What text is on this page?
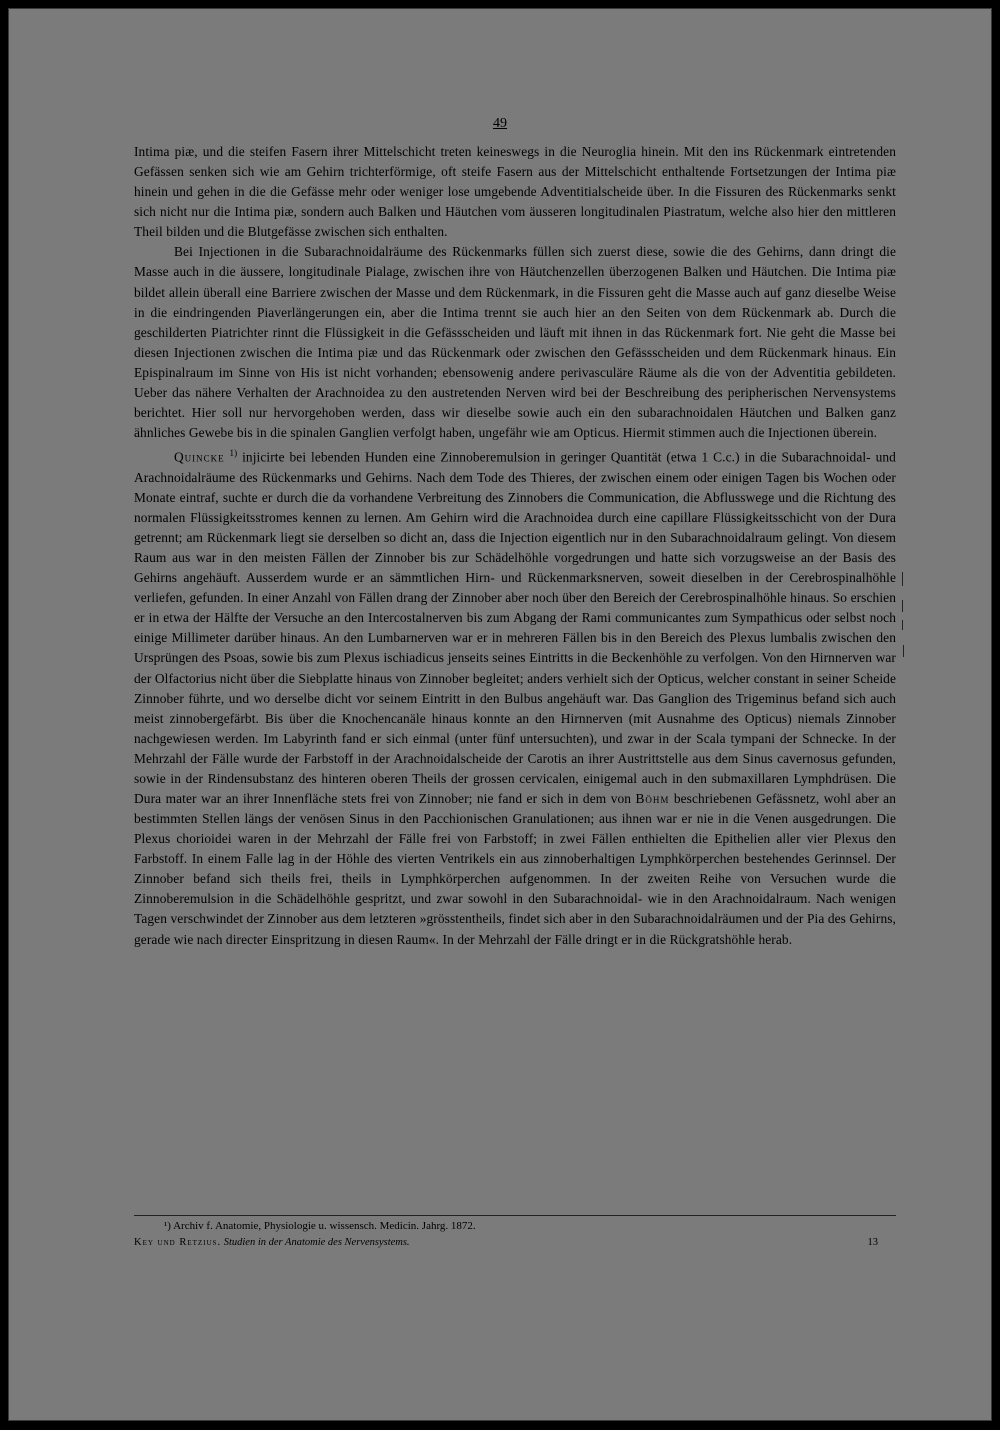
49

Intima piæ, und die steifen Fasern ihrer Mittelschicht treten keineswegs in die Neuroglia hinein. Mit den ins Rückenmark eintretenden Gefässen senken sich wie am Gehirn trichterförmige, oft steife Fasern aus der Mittelschicht enthaltende Fortsetzungen der Intima piæ hinein und gehen in die die Gefässe mehr oder weniger lose umgebende Adventitialscheide über. In die Fissuren des Rückenmarks senkt sich nicht nur die Intima piæ, sondern auch Balken und Häutchen vom äusseren longitudinalen Piastratum, welche also hier den mittleren Theil bilden und die Blutgefässe zwischen sich enthalten.

Bei Injectionen in die Subarachnoidalräume des Rückenmarks füllen sich zuerst diese, sowie die des Gehirns, dann dringt die Masse auch in die äussere, longitudinale Pialage, zwischen ihre von Häutchenzellen überzogenen Balken und Häutchen. Die Intima piæ bildet allein überall eine Barriere zwischen der Masse und dem Rückenmark, in die Fissuren geht die Masse auch auf ganz dieselbe Weise in die eindringenden Piaverlängerungen ein, aber die Intima trennt sie auch hier an den Seiten von dem Rückenmark ab. Durch die geschilderten Piatrichter rinnt die Flüssigkeit in die Gefässscheiden und läuft mit ihnen in das Rückenmark fort. Nie geht die Masse bei diesen Injectionen zwischen die Intima piæ und das Rückenmark oder zwischen den Gefässscheiden und dem Rückenmark hinaus. Ein Epispinalraum im Sinne von His ist nicht vorhanden; ebensowenig andere perivasculäre Räume als die von der Adventitia gebildeten. Ueber das nähere Verhalten der Arachnoidea zu den austretenden Nerven wird bei der Beschreibung des peripherischen Nervensystems berichtet. Hier soll nur hervorgehoben werden, dass wir dieselbe sowie auch ein den subarachnoidalen Häutchen und Balken ganz ähnliches Gewebe bis in die spinalen Ganglien verfolgt haben, ungefähr wie am Opticus. Hiermit stimmen auch die Injectionen überein.

Quincke $^{1)}$ injicirte bei lebenden Hunden eine Zinnoberemulsion in geringer Quantität (etwa 1 C.c.) in die Subarachnoidal- und Arachnoidalräume des Rückenmarks und Gehirns. Nach dem Tode des Thieres, der zwischen einem oder einigen Tagen bis Wochen oder Monate eintraf, suchte er durch die da vorhandene Verbreitung des Zinnobers die Communication, die Abflusswege und die Richtung des normalen Flüssigkeitsstromes kennen zu lernen. Am Gehirn wird die Arachnoidea durch eine capillare Flüssigkeitsschicht von der Dura getrennt; am Rückenmark liegt sie derselben so dicht an, dass die Injection eigentlich nur in den Subarachnoidalraum gelingt. Von diesem Raum aus war in den meisten Fällen der Zinnober bis zur Schädelhöhle vorgedrungen und hatte sich vorzugsweise an der Basis des Gehirns angehäuft. Ausserdem wurde er an sämmtlichen Hirn- und Rückenmarksnerven, soweit dieselben in der Cerebrospinalhöhle verliefen, gefunden. In einer Anzahl von Fällen drang der Zinnober aber noch über den Bereich der Cerebrospinalhöhle hinaus. So erschien er in etwa der Hälfte der Versuche an den Intercostalnerven bis zum Abgang der Rami communicantes zum Sympathicus oder selbst noch einige Millimeter darüber hinaus. An den Lumbarnerven war er in mehreren Fällen bis in den Bereich des Plexus lumbalis zwischen den Ursprüngen des Psoas, sowie bis zum Plexus ischiadicus jenseits seines Eintritts in die Beckenhöhle zu verfolgen. Von den Hirnnerven war der Olfactorius nicht über die Siebplatte hinaus von Zinnober begleitet; anders verhielt sich der Opticus, welcher constant in seiner Scheide Zinnober führte, und wo derselbe dicht vor seinem Eintritt in den Bulbus angehäuft war. Das Ganglion des Trigeminus befand sich auch meist zinnobergefärbt. Bis über die Knochencanäle hinaus konnte an den Hirnnerven (mit Ausnahme des Opticus) niemals Zinnober nachgewiesen werden. Im Labyrinth fand er sich einmal (unter fünf untersuchten), und zwar in der Scala tympani der Schnecke. In der Mehrzahl der Fälle wurde der Farbstoff in der Arachnoidalscheide der Carotis an ihrer Austrittstelle aus dem Sinus cavernosus gefunden, sowie in der Rindensubstanz des hinteren oberen Theils der grossen cervicalen, einigemal auch in den submaxillaren Lymphdrüsen. Die Dura mater war an ihrer Innenfläche stets frei von Zinnober; nie fand er sich in dem von Böhm beschriebenen Gefässnetz, wohl aber an bestimmten Stellen längs der venösen Sinus in den Pacchionischen Granulationen; aus ihnen war er nie in die Venen ausgedrungen. Die Plexus chorioidei waren in der Mehrzahl der Fälle frei von Farbstoff; in zwei Fällen enthielten die Epithelien aller vier Plexus den Farbstoff. In einem Falle lag in der Höhle des vierten Ventrikels ein aus zinnoberhaltigen Lymphkörperchen bestehendes Gerinnsel. Der Zinnober befand sich theils frei, theils in Lymphkörperchen aufgenommen. In der zweiten Reihe von Versuchen wurde die Zinnoberemulsion in die Schädelhöhle gespritzt, und zwar sowohl in den Subarachnoidal- wie in den Arachnoidalraum. Nach wenigen Tagen verschwindet der Zinnober aus dem letzteren »grösstentheils, findet sich aber in den Subarachnoidalräumen und der Pia des Gehirns, gerade wie nach directer Einspritzung in diesen Raum«. In der Mehrzahl der Fälle dringt er in die Rückgratshöhle herab.

¹) Archiv f. Anatomie, Physiologie u. wissensch. Medicin. Jahrg. 1872.
Key und Retzius. Studien in der Anatomie des Nervensystems.	13
